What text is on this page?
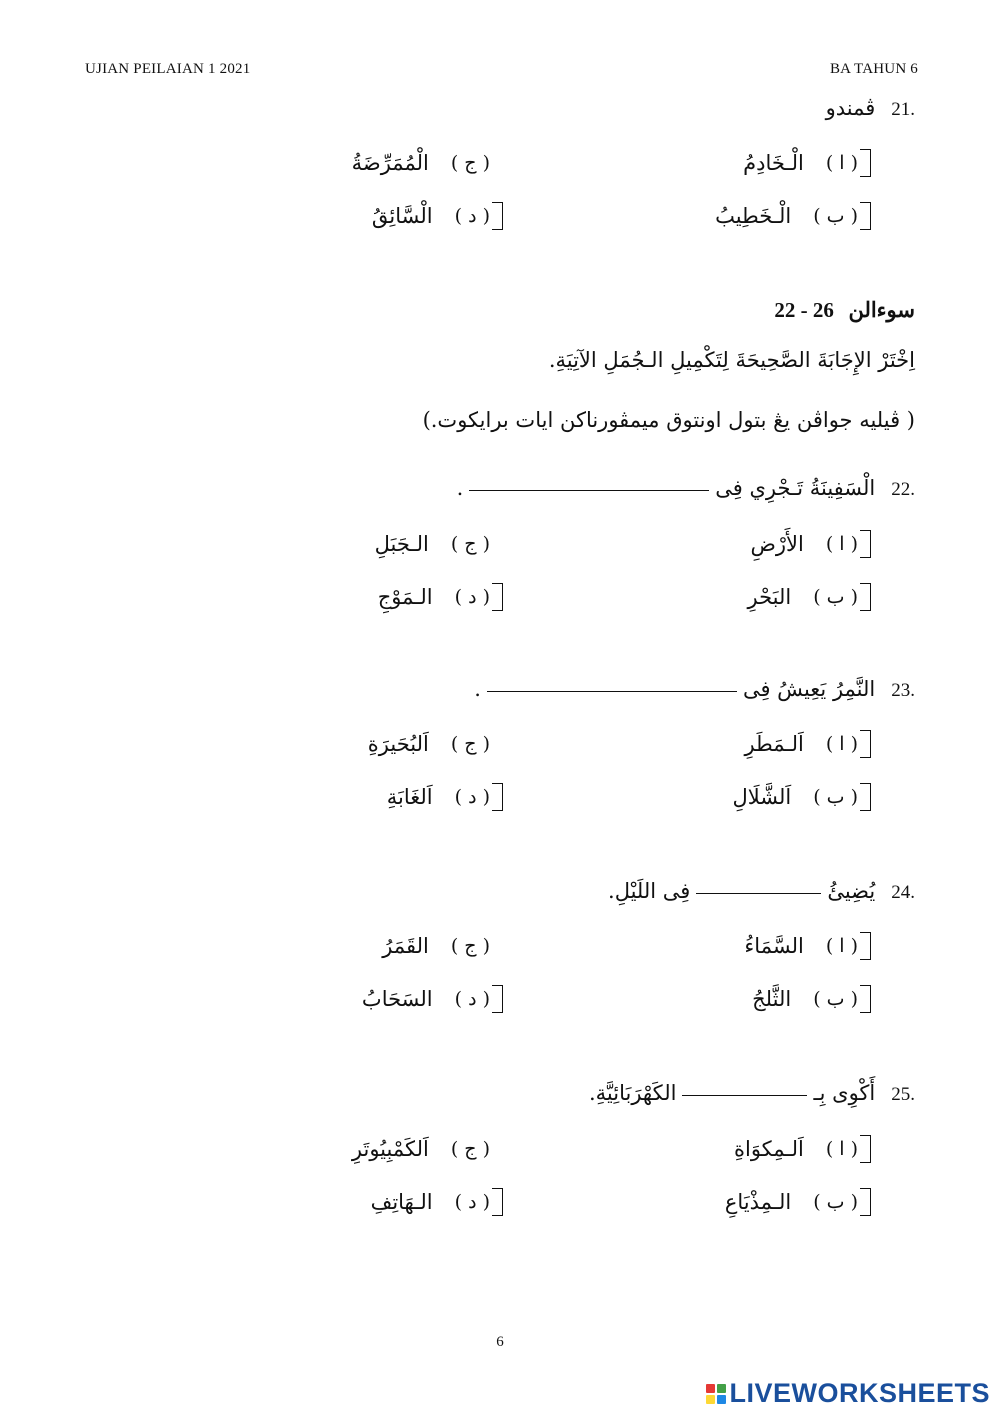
UJIAN PEILAIAN 1 2021	BA TAHUN 6
21.ڤمندو
( ا )
الْـخَادِمُ
( ب )
الْـخَطِيبُ
( ج )
الْمُمَرِّضَةُ
( د )
الْسَّائِقُ
سوءالن  22 - 26
اِخْتَرْ الإِجَابَةَ الصَّحِيحَةَ لِتَكْمِيلِ الـجُمَلِ الآتِيَةِ.
( ڤيليه جواڤن يڠ بتول اونتوق ميمڤورناكن ايات برايكوت.)
22.الْسَفِينَةُ تَـجْرِي فِى.
( ا )
الأَرْضِ
( ب )
البَحْرِ
( ج )
الـجَبَلِ
( د )
الـمَوْجِ
23.النَّمِرُ يَعِيشُ فِى.
( ا )
اَلـمَطَرِ
( ب )
اَلشَّلَالِ
( ج )
اَلبُحَيرَةِ
( د )
اَلغَابَةِ
24.يُضِيئُفِى اللَيْلِ.
( ا )
السَّمَاءُ
( ب )
الثَّلجُ
( ج )
القَمَرُ
( د )
السَحَابُ
25.أَكْوِى بِـالكَهْرَبَائِيَّةِ.
( ا )
اَلـمِكوَاةِ
( ب )
الـمِذْيَاعِ
( ج )
اَلكَمْبِيُوتَرِ
( د )
الـهَاتِفِ
6
LIVEWORKSHEETS
